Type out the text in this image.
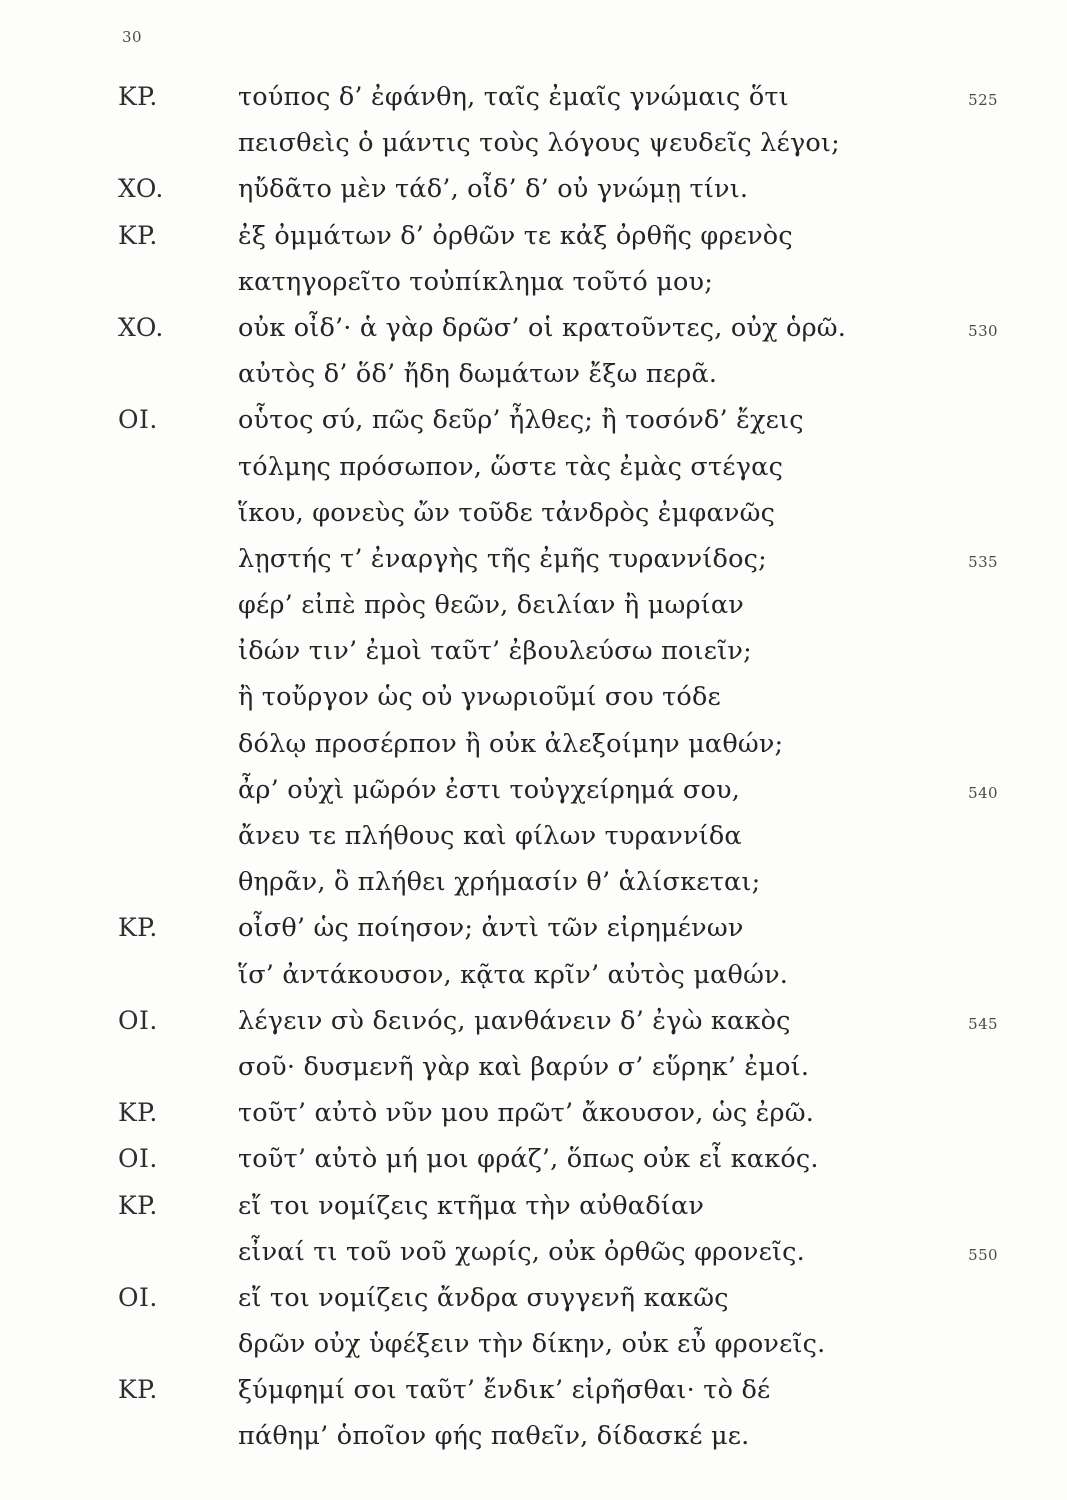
30
ΚP.	τούπος δ’ ἐφάνθη, ταῖς ἐμαῖς γνώμαις ὅτι	525
πεισθεὶς ὁ μάντις τοὺς λόγους ψευδεῖς λέγοι;
XO.	ηὔδᾶτο μὲν τάδ’, οἶδ’ δ’ οὐ γνώμῃ τίνι.
ΚP.	ἐξ ὀμμάτων δ’ ὀρθῶν τε κἀξ ὀρθῆς φρενὸς
κατηγορεῖτο τοὐπίκλημα τοῦτό μου;
XO.	οὐκ οἶδ’· ἁ γὰρ δρῶσ’ οἱ κρατοῦντες, οὐχ ὁρῶ.	530
αὐτὸς δ’ ὅδ’ ἤδη δωμάτων ἔξω περᾶ.
OI.	οὗτος σύ, πῶς δεῦρ’ ἦλθες; ἢ τοσόνδ’ ἔχεις
τόλμης πρόσωπον, ὥστε τὰς ἐμὰς στέγας
ἵκου, φονεὺς ὤν τοῦδε τἀνδρὸς ἐμφανῶς
λῃστής τ’ ἐναργὴς τῆς ἐμῆς τυραννίδος;	535
φέρ’ εἰπὲ πρὸς θεῶν, δειλίαν ἢ μωρίαν
ἰδών τιν’ ἐμοὶ ταῦτ’ ἐβουλεύσω ποιεῖν;
ἢ τοὔργον ὡς οὐ γνωριοῦμί σου τόδε
δόλῳ προσέρπον ἢ οὐκ ἀλεξοίμην μαθών;
ἆρ’ οὐχὶ μῶρόν ἐστι τοὐγχείρημά σου,	540
ἄνευ τε πλήθους καὶ φίλων τυραννίδα
θηρᾶν, ὃ πλήθει χρήμασίν θ’ ἁλίσκεται;
ΚP.	οἶσθ’ ὡς ποίησον; ἀντὶ τῶν εἰρημένων
ἵσ’ ἀντάκουσον, κᾷτα κρῖν’ αὐτὸς μαθών.
OI.	λέγειν σὺ δεινός, μανθάνειν δ’ ἐγὼ κακὸς	545
σοῦ· δυσμενῆ γὰρ καὶ βαρύν σ’ εὕρηκ’ ἐμοί.
ΚP.	τοῦτ’ αὐτὸ νῦν μου πρῶτ’ ἄκουσον, ὡς ἐρῶ.
OI.	τοῦτ’ αὐτὸ μή μοι φράζ’, ὅπως οὐκ εἶ κακός.
ΚP.	εἴ τοι νομίζεις κτῆμα τὴν αὐθαδίαν
εἶναί τι τοῦ νοῦ χωρίς, οὐκ ὀρθῶς φρονεῖς.	550
OI.	εἴ τοι νομίζεις ἄνδρα συγγενῆ κακῶς
δρῶν οὐχ ὑφέξειν τὴν δίκην, οὐκ εὖ φρονεῖς.
ΚP.	ξύμφημί σοι ταῦτ’ ἔνδικ’ εἰρῆσθαι· τὸ δέ
πάθημ’ ὁποῖον φής παθεῖν, δίδασκέ με.
